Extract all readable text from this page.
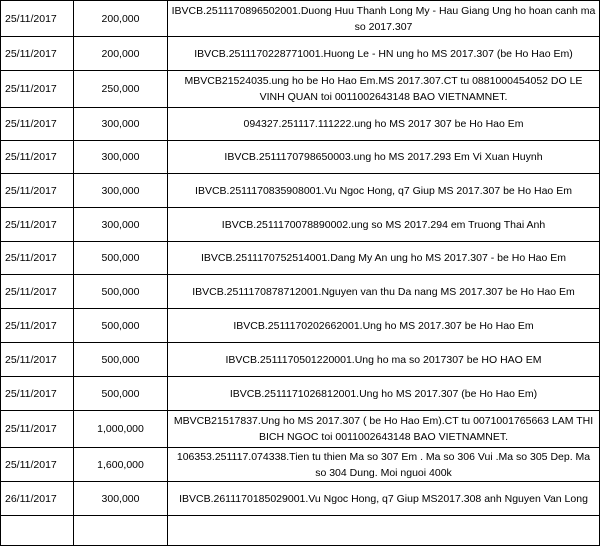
25/11/2017	200,000	IBVCB.2511170896502001.Duong Huu Thanh Long My - Hau Giang Ung ho hoan canh ma so 2017.307
25/11/2017	200,000	IBVCB.2511170228771001.Huong Le - HN ung ho MS 2017.307 (be Ho Hao Em)
25/11/2017	250,000	MBVCB21524035.ung ho be Ho Hao Em.MS 2017.307.CT tu 0881000454052 DO LE VINH QUAN toi 0011002643148 BAO VIETNAMNET.
25/11/2017	300,000	094327.251117.111222.ung ho MS 2017 307 be Ho Hao Em
25/11/2017	300,000	IBVCB.2511170798650003.ung ho MS 2017.293 Em Vi Xuan Huynh
25/11/2017	300,000	IBVCB.2511170835908001.Vu Ngoc Hong, q7 Giup MS 2017.307 be Ho Hao Em
25/11/2017	300,000	IBVCB.2511170078890002.ung so MS 2017.294 em Truong Thai Anh
25/11/2017	500,000	IBVCB.2511170752514001.Dang My An ung ho MS 2017.307 - be Ho Hao Em
25/11/2017	500,000	IBVCB.2511170878712001.Nguyen van thu Da nang MS 2017.307 be Ho Hao Em
25/11/2017	500,000	IBVCB.2511170202662001.Ung ho MS 2017.307 be Ho Hao Em
25/11/2017	500,000	IBVCB.2511170501220001.Ung ho ma so 2017307 be HO HAO EM
25/11/2017	500,000	IBVCB.2511171026812001.Ung ho MS 2017.307 (be Ho Hao Em)
25/11/2017	1,000,000	MBVCB21517837.Ung ho MS 2017.307 ( be Ho Hao Em).CT tu 0071001765663 LAM THI BICH NGOC toi 0011002643148 BAO VIETNAMNET.
25/11/2017	1,600,000	106353.251117.074338.Tien tu thien Ma so 307 Em . Ma so 306 Vui .Ma so 305 Dep. Ma so 304 Dung. Moi nguoi 400k
26/11/2017	300,000	IBVCB.2611170185029001.Vu Ngoc Hong, q7 Giup MS2017.308 anh Nguyen Van Long
